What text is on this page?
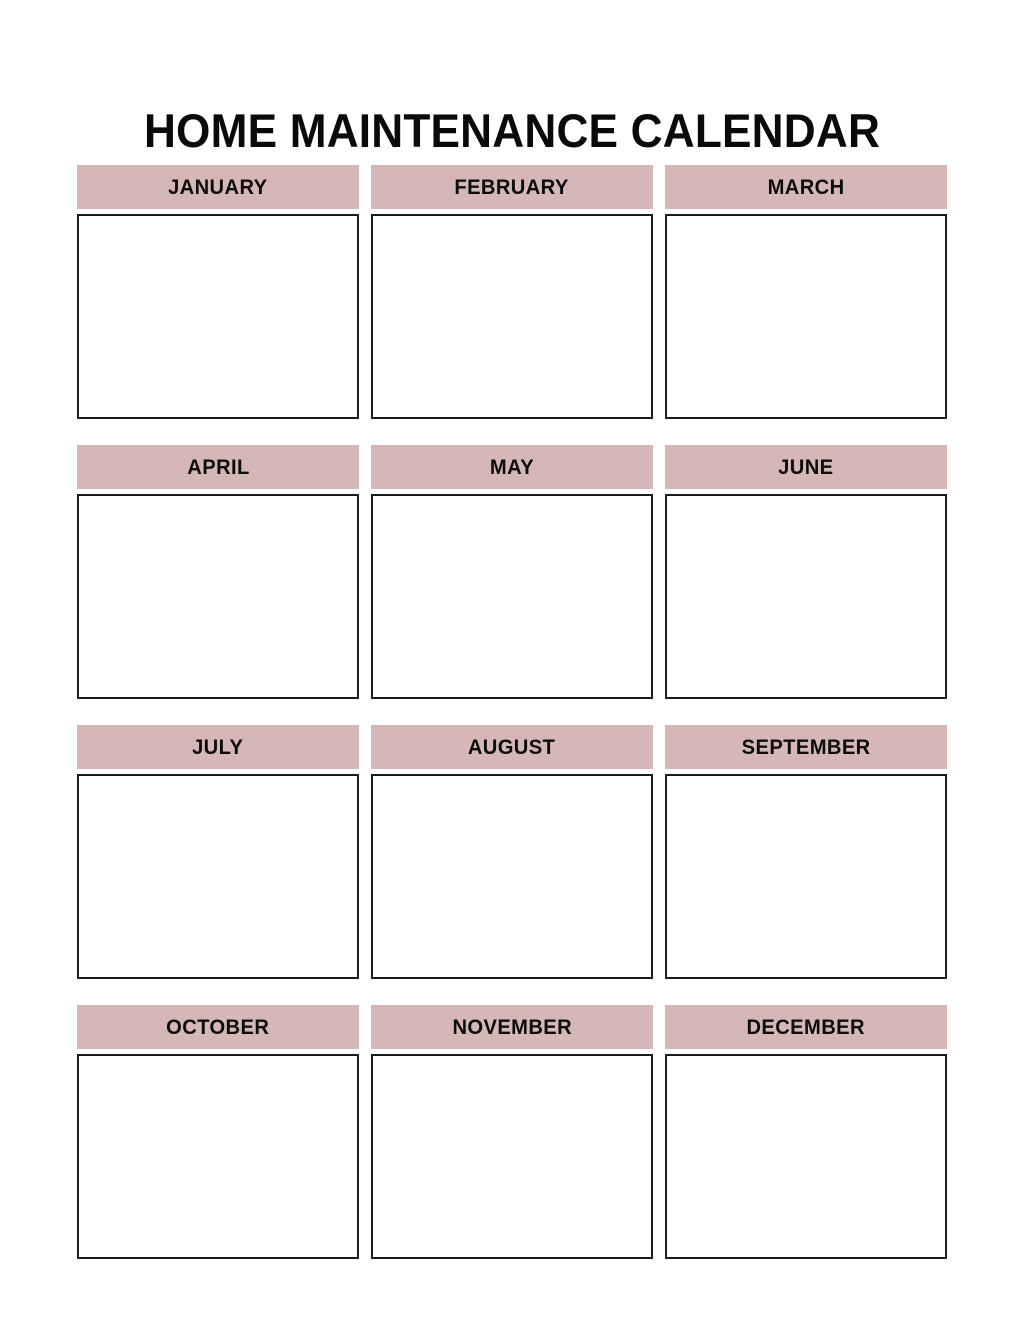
HOME MAINTENANCE CALENDAR
JANUARY	FEBRUARY	MARCH
APRIL	MAY	JUNE
JULY	AUGUST	SEPTEMBER
OCTOBER	NOVEMBER	DECEMBER
